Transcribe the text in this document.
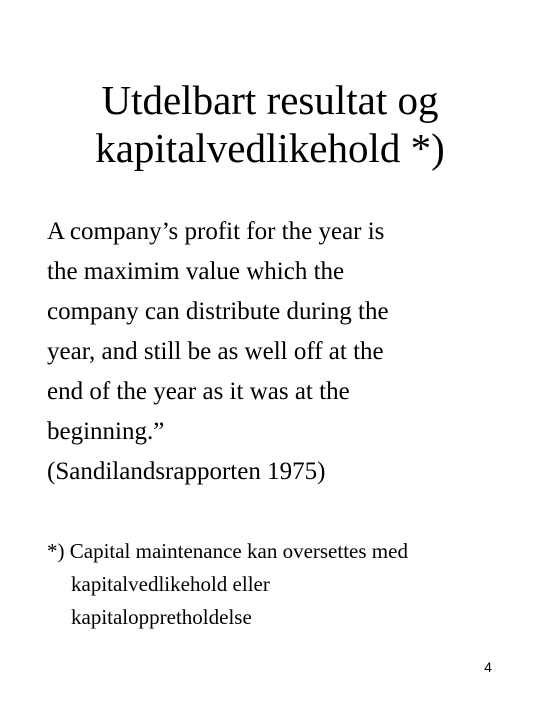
Utdelbart resultat og
kapitalvedlikehold *)
A company’s profit for the year is
the maximim value which the
company can distribute during the
year, and still be as well off at the
end of the year as it was at the
beginning.”
(Sandilandsrapporten 1975)
*) Capital maintenance kan oversettes med
kapitalvedlikehold eller
kapitaloppretholdelse
4
